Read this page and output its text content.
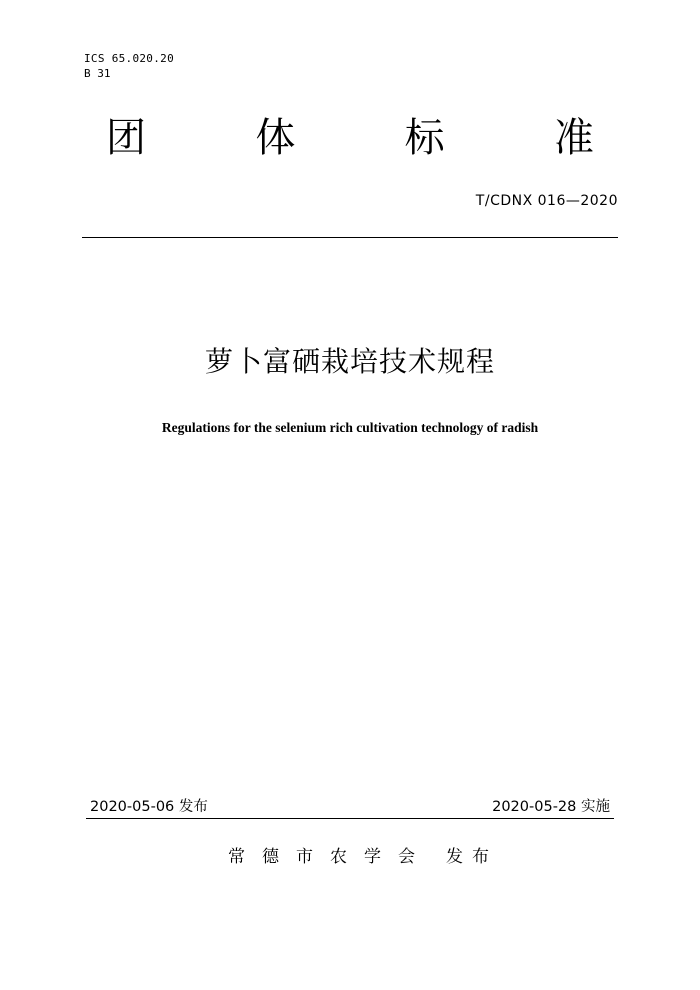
ICS 65.020.20
B 31
团	体	标	准
T/CDNX 016—2020
萝卜富硒栽培技术规程
Regulations for the selenium rich cultivation technology of radish
2020-05-06 发布	2020-05-28 实施
常德市农学会 发布
